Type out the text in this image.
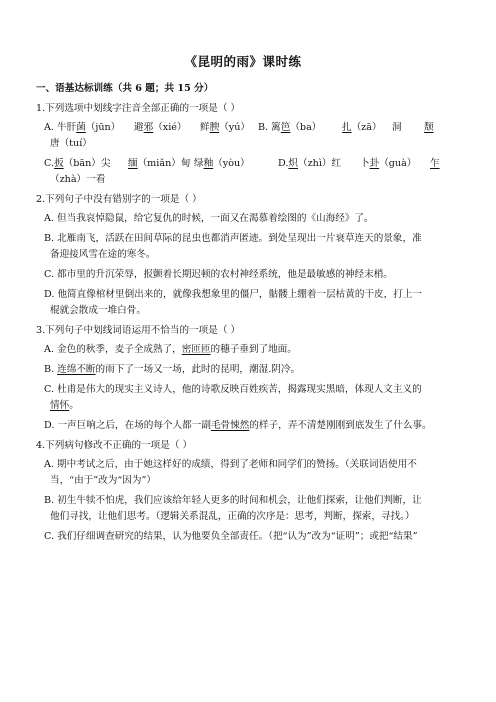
《昆明的雨》课时练
一、语基达标训练（共 6 题；共 15 分）
1.下列选项中划线字注音全部正确的一项是（ ）
A. 牛肝菌（jūn）	避邪（xié）	鲜腴（yú） B. 篱笆（ba）	扎（zā）	洞	颓
唐（tuí）
C.扳（bān）尖	缅（miǎn）甸 绿釉（yòu）	D.炽（zhì）红	卜卦（guà）	乍
（zhà）一看
2.下列句子中没有错别字的一项是（ ）
A. 但当我哀悼隐鼠，给它复仇的时候，一面又在渴慕着绘图的《山海经》了。
B. 北雁南飞，活跃在田间草际的昆虫也都消声匿迹。到处呈现出一片衰草连天的景象，准
备迎接风雪在途的寒冬。
C. 都市里的升沉荣辱，报颤着长期迟顿的农村神经系统，他是最敏感的神经末梢。
D. 他简直像棺材里倒出来的，就像我想象里的僵尸，骷髅上绷着一层枯黄的干皮，打上一
棍就会散成一堆白骨。
3.下列句子中划线词语运用不恰当的一项是（ ）
A. 金色的秋季，麦子全成熟了，密匝匝的穗子垂到了地面。
B. 连绵不断的雨下了一场又一场，此时的昆明，潮湿.阴冷。
C. 杜甫是伟大的现实主义诗人，他的诗歌反映百姓疾苦，揭露现实黑暗，体现人文主义的
情怀。
D. 一声巨响之后，在场的每个人都一副毛骨悚然的样子，弄不清楚刚刚到底发生了什么事。
4.下列病句修改不正确的一项是（ ）
A. 期中考试之后，由于她这样好的成绩，得到了老师和同学们的赞扬。（关联词语使用不
当，“由于”改为“因为”）
B. 初生牛犊不怕虎，我们应该给年轻人更多的时间和机会，让他们探索，让他们判断，让
他们寻找，让他们思考。（逻辑关系混乱，正确的次序是：思考，判断，探索，寻找。）
C. 我们仔细调查研究的结果，认为他要负全部责任。（把“认为”改为“证明”；或把“结果”
